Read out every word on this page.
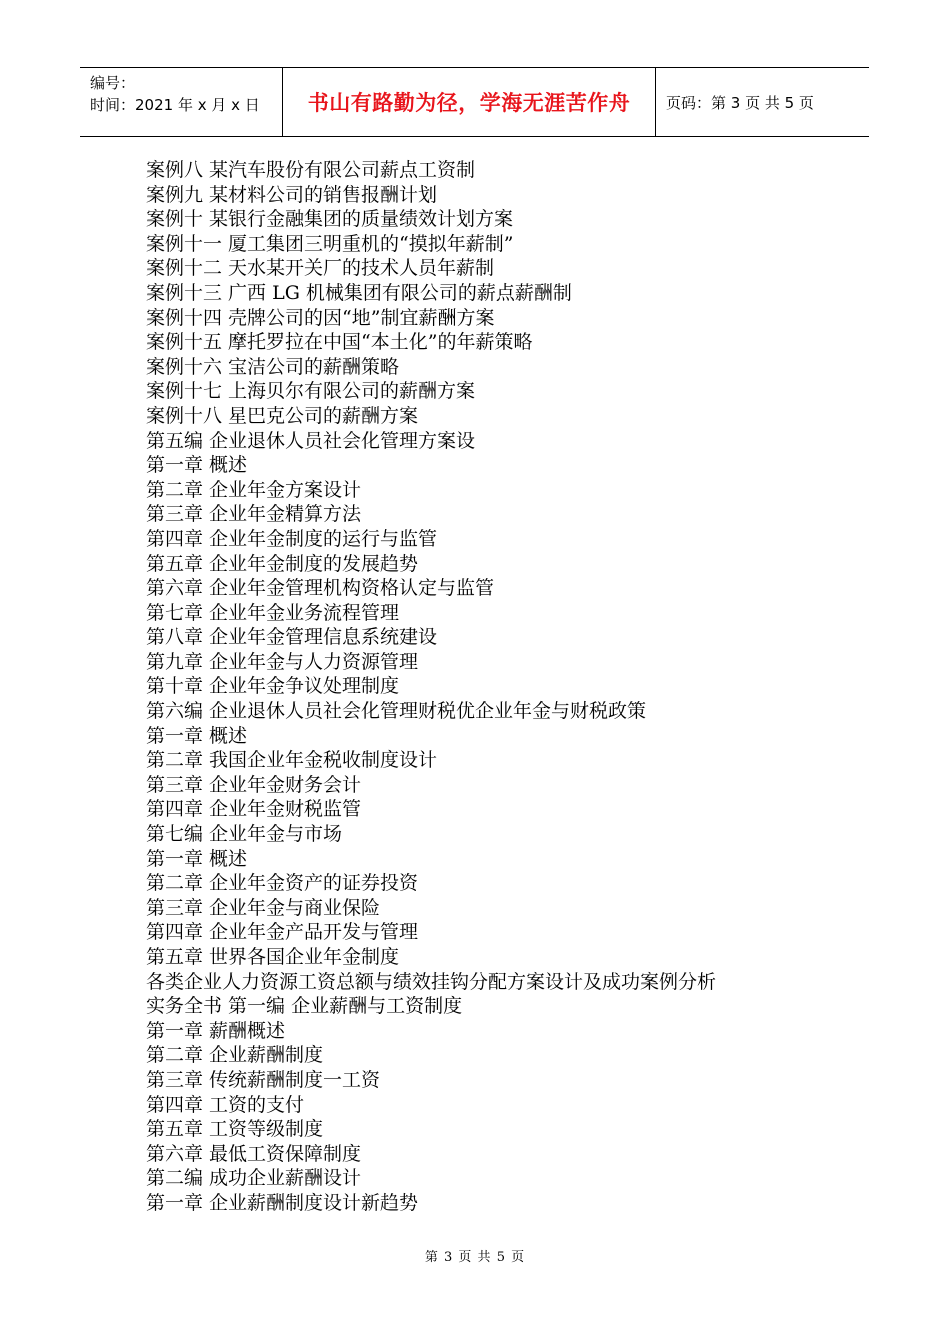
编号：
时间：2021 年 x 月 x 日	书山有路勤为径，学海无涯苦作舟	页码：第 3 页 共 5 页
案例八 某汽车股份有限公司薪点工资制
案例九 某材料公司的销售报酬计划
案例十 某银行金融集团的质量绩效计划方案
案例十一 厦工集团三明重机的“摸拟年薪制”
案例十二 天水某开关厂的技术人员年薪制
案例十三 广西 LG 机械集团有限公司的薪点薪酬制
案例十四 壳牌公司的因“地”制宜薪酬方案
案例十五 摩托罗拉在中国“本土化”的年薪策略
案例十六 宝洁公司的薪酬策略
案例十七 上海贝尔有限公司的薪酬方案
案例十八 星巴克公司的薪酬方案
第五编 企业退休人员社会化管理方案设
第一章 概述
第二章 企业年金方案设计
第三章 企业年金精算方法
第四章 企业年金制度的运行与监管
第五章 企业年金制度的发展趋势
第六章 企业年金管理机构资格认定与监管
第七章 企业年金业务流程管理
第八章 企业年金管理信息系统建设
第九章 企业年金与人力资源管理
第十章 企业年金争议处理制度
第六编 企业退休人员社会化管理财税优企业年金与财税政策
第一章 概述
第二章 我国企业年金税收制度设计
第三章 企业年金财务会计
第四章 企业年金财税监管
第七编 企业年金与市场
第一章 概述
第二章 企业年金资产的证券投资
第三章 企业年金与商业保险
第四章 企业年金产品开发与管理
第五章 世界各国企业年金制度
各类企业人力资源工资总额与绩效挂钩分配方案设计及成功案例分析
实务全书 第一编 企业薪酬与工资制度
第一章 薪酬概述
第二章 企业薪酬制度
第三章 传统薪酬制度一工资
第四章 工资的支付
第五章 工资等级制度
第六章 最低工资保障制度
第二编 成功企业薪酬设计
第一章 企业薪酬制度设计新趋势
第 3 页 共 5 页
